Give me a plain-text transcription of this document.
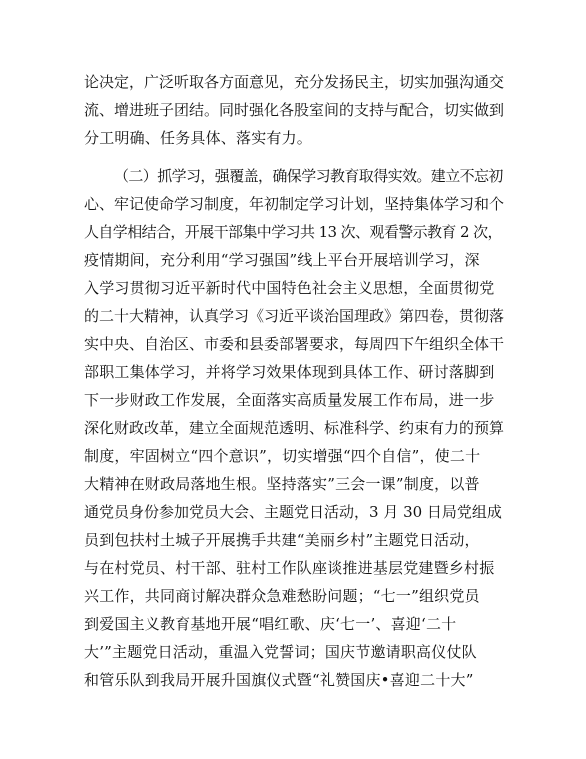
论决定，广泛听取各方面意见，充分发扬民主，切实加强沟通交
流、增进班子团结。同时强化各股室间的支持与配合，切实做到
分工明确、任务具体、落实有力。
（二）抓学习，强覆盖，确保学习教育取得实效。建立不忘初
心、牢记使命学习制度，年初制定学习计划，坚持集体学习和个
人自学相结合，开展干部集中学习共 13 次、观看警示教育 2 次，
疫情期间，充分利用“学习强国”线上平台开展培训学习，深
入学习贯彻习近平新时代中国特色社会主义思想，全面贯彻党
的二十大精神，认真学习《习近平谈治国理政》第四卷，贯彻落
实中央、自治区、市委和县委部署要求，每周四下午组织全体干
部职工集体学习，并将学习效果体现到具体工作、研讨落脚到
下一步财政工作发展，全面落实高质量发展工作布局，进一步
深化财政改革，建立全面规范透明、标准科学、约束有力的预算
制度，牢固树立“四个意识”，切实增强“四个自信”，使二十
大精神在财政局落地生根。坚持落实”三会一课”制度，以普
通党员身份参加党员大会、主题党日活动，3 月 30 日局党组成
员到包扶村土城子开展携手共建“美丽乡村”主题党日活动，
与在村党员、村干部、驻村工作队座谈推进基层党建暨乡村振
兴工作，共同商讨解决群众急难愁盼问题；“七一”组织党员
到爱国主义教育基地开展“唱红歌、庆‘七一’、喜迎‘二十
大’”主题党日活动，重温入党誓词；国庆节邀请职高仪仗队
和管乐队到我局开展升国旗仪式暨“礼赞国庆•喜迎二十大”
